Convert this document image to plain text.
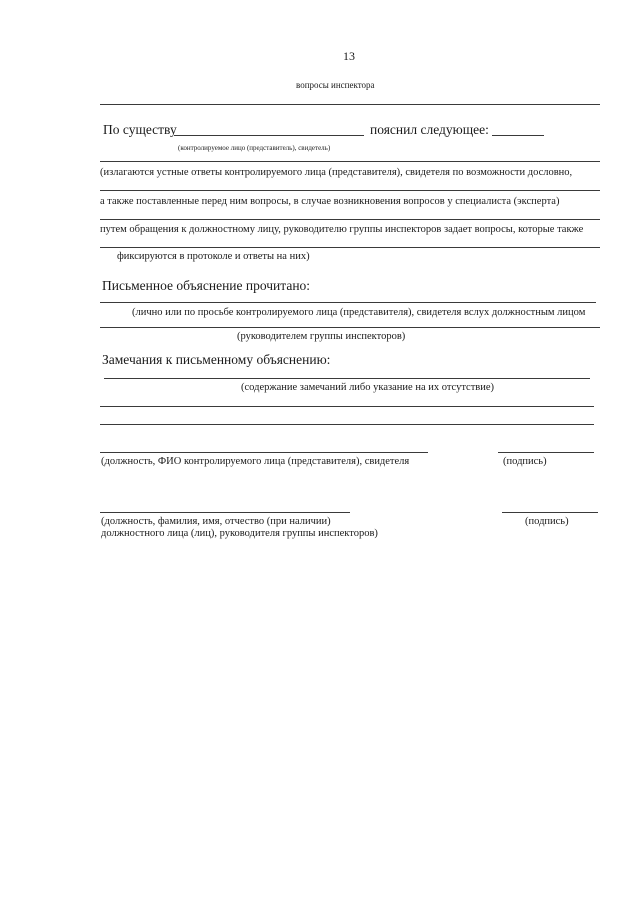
13
вопросы инспектора
По существу	пояснил следующее:
(контролируемое лицо (представитель), свидетель)
(излагаются устные ответы контролируемого лица (представителя), свидетеля по возможности дословно,
а также поставленные перед ним вопросы, в случае возникновения вопросов у специалиста (эксперта)
путем обращения к должностному лицу, руководителю группы инспекторов задает вопросы, которые также
фиксируются в протоколе и ответы на них)
Письменное объяснение прочитано:
(лично или по просьбе контролируемого лица (представителя), свидетеля вслух должностным лицом
(руководителем группы инспекторов)
Замечания к письменному объяснению:
(содержание замечаний либо указание на их отсутствие)
(должность, ФИО контролируемого лица (представителя), свидетеля	(подпись)
(должность, фамилия, имя, отчество (при наличии)
должностного лица (лиц), руководителя группы инспекторов)
(подпись)
